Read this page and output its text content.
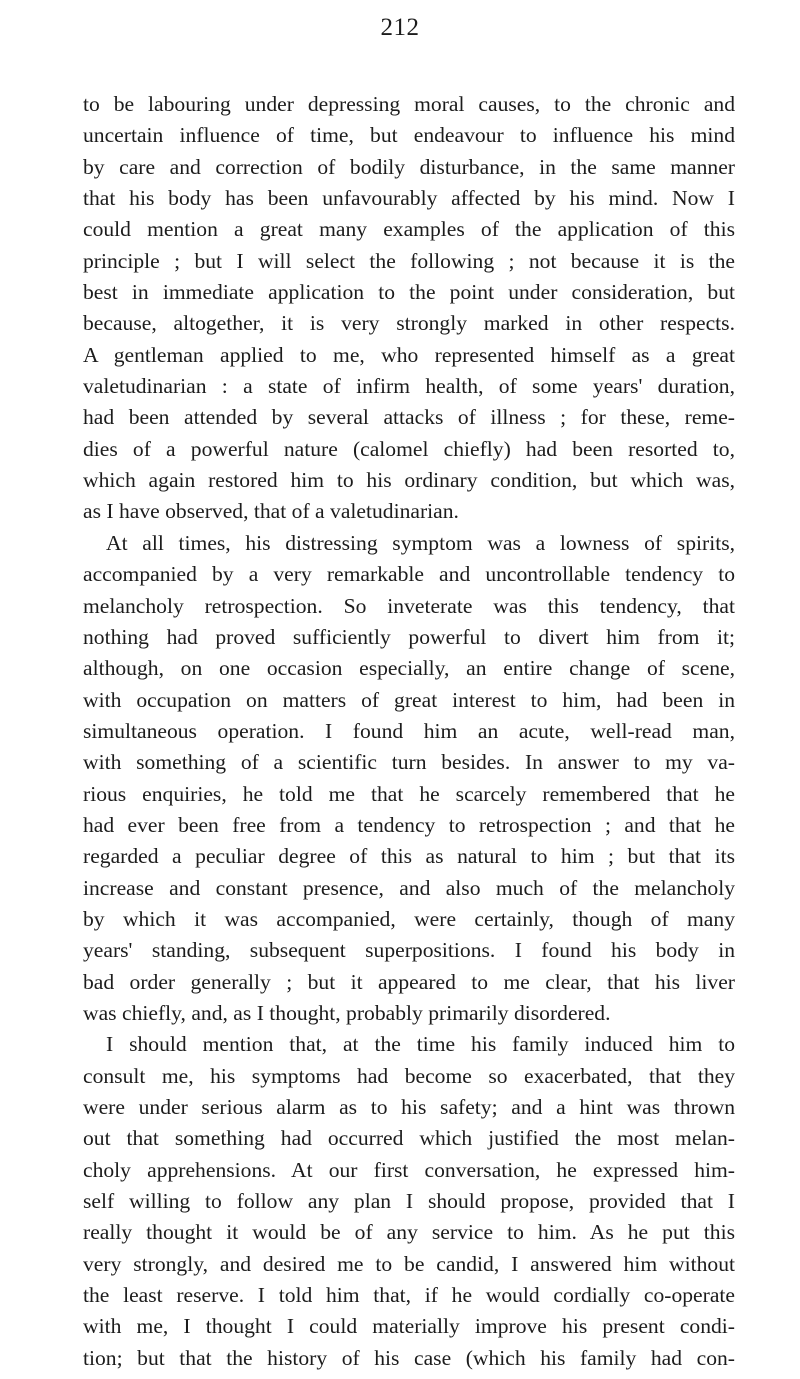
212
to be labouring under depressing moral causes, to the chronic and
uncertain influence of time, but endeavour to influence his mind
by care and correction of bodily disturbance, in the same manner
that his body has been unfavourably affected by his mind. Now I
could mention a great many examples of the application of this
principle ; but I will select the following ; not because it is the
best in immediate application to the point under consideration, but
because, altogether, it is very strongly marked in other respects.
A gentleman applied to me, who represented himself as a great
valetudinarian : a state of infirm health, of some years' duration,
had been attended by several attacks of illness ; for these, reme-
dies of a powerful nature (calomel chiefly) had been resorted to,
which again restored him to his ordinary condition, but which was,
as I have observed, that of a valetudinarian.
At all times, his distressing symptom was a lowness of spirits,
accompanied by a very remarkable and uncontrollable tendency to
melancholy retrospection. So inveterate was this tendency, that
nothing had proved sufficiently powerful to divert him from it;
although, on one occasion especially, an entire change of scene,
with occupation on matters of great interest to him, had been in
simultaneous operation. I found him an acute, well-read man,
with something of a scientific turn besides. In answer to my va-
rious enquiries, he told me that he scarcely remembered that he
had ever been free from a tendency to retrospection ; and that he
regarded a peculiar degree of this as natural to him ; but that its
increase and constant presence, and also much of the melancholy
by which it was accompanied, were certainly, though of many
years' standing, subsequent superpositions. I found his body in
bad order generally ; but it appeared to me clear, that his liver
was chiefly, and, as I thought, probably primarily disordered.
I should mention that, at the time his family induced him to
consult me, his symptoms had become so exacerbated, that they
were under serious alarm as to his safety; and a hint was thrown
out that something had occurred which justified the most melan-
choly apprehensions. At our first conversation, he expressed him-
self willing to follow any plan I should propose, provided that I
really thought it would be of any service to him. As he put this
very strongly, and desired me to be candid, I answered him without
the least reserve. I told him that, if he would cordially co-operate
with me, I thought I could materially improve his present condi-
tion; but that the history of his case (which his family had con-
